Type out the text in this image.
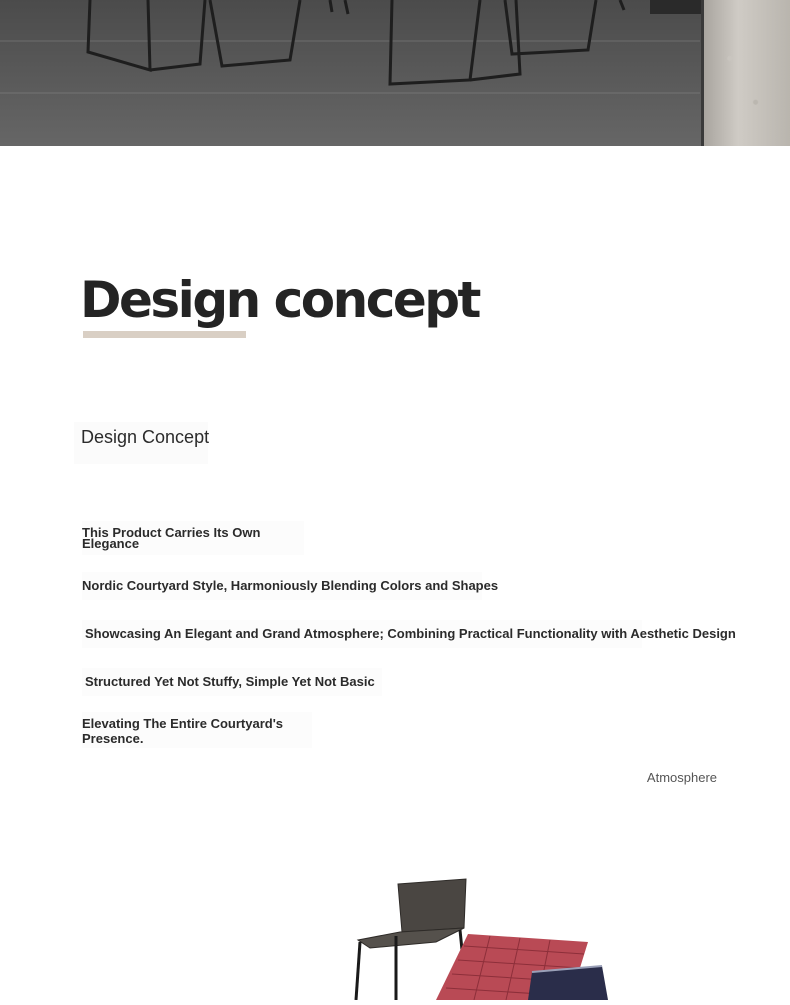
Design concept
Design Concept
This Product Carries Its Own Elegance
Nordic Courtyard Style, Harmoniously Blending Colors and Shapes
Showcasing An Elegant and Grand Atmosphere; Combining Practical Functionality with Aesthetic Design
Structured Yet Not Stuffy, Simple Yet Not Basic
Elevating The Entire Courtyard's Presence.
Atmosphere
